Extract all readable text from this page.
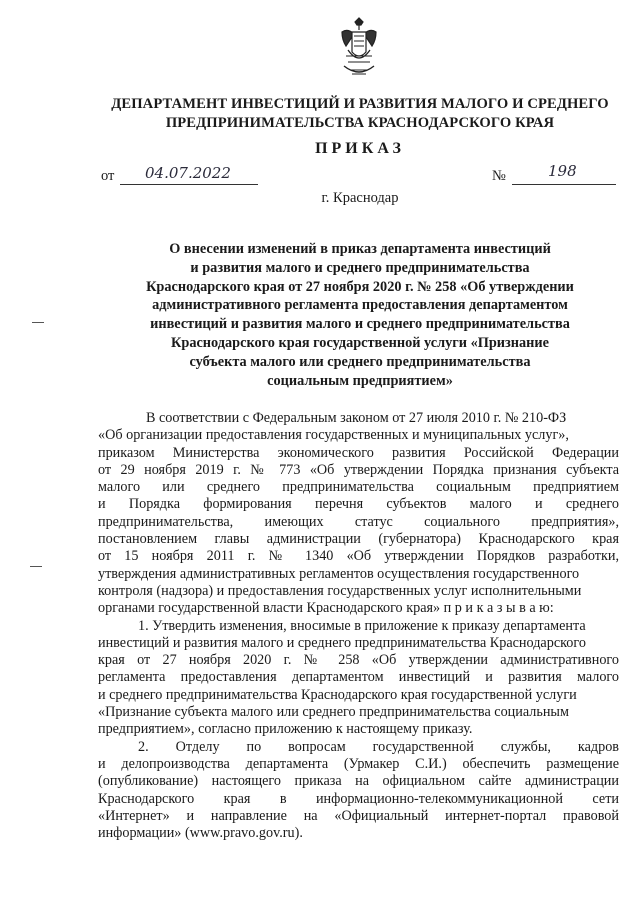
ДЕПАРТАМЕНТ ИНВЕСТИЦИЙ И РАЗВИТИЯ МАЛОГО И СРЕДНЕГО
ПРЕДПРИНИМАТЕЛЬСТВА КРАСНОДАРСКОГО КРАЯ
ПРИКАЗ
от 04.07.2022	№	198
г. Краснодар
О внесении изменений в приказ департамента инвестиций
и развития малого и среднего предпринимательства
Краснодарского края от 27 ноября 2020 г. № 258 «Об утверждении
административного регламента предоставления департаментом
инвестиций и развития малого и среднего предпринимательства
Краснодарского края государственной услуги «Признание
субъекта малого или среднего предпринимательства
социальным предприятием»
В соответствии с Федеральным законом от 27 июля 2010 г. № 210-ФЗ
«Об организации предоставления государственных и муниципальных услуг»,
приказом Министерства экономического развития Российской Федерации
от 29 ноября 2019 г. № 773 «Об утверждении Порядка признания субъекта
малого или среднего предпринимательства социальным предприятием
и Порядка формирования перечня субъектов малого и среднего
предпринимательства, имеющих статус социального предприятия»,
постановлением главы администрации (губернатора) Краснодарского края
от 15 ноября 2011 г. № 1340 «Об утверждении Порядков разработки,
утверждения административных регламентов осуществления государственного
контроля (надзора) и предоставления государственных услуг исполнительными
органами государственной власти Краснодарского края» п р и к а з ы в а ю:
1. Утвердить изменения, вносимые в приложение к приказу департамента
инвестиций и развития малого и среднего предпринимательства Краснодарского
края от 27 ноября 2020 г. № 258 «Об утверждении административного
регламента предоставления департаментом инвестиций и развития малого
и среднего предпринимательства Краснодарского края государственной услуги
«Признание субъекта малого или среднего предпринимательства социальным
предприятием», согласно приложению к настоящему приказу.
2. Отделу по вопросам государственной службы, кадров
и делопроизводства департамента (Урмакер С.И.) обеспечить размещение
(опубликование) настоящего приказа на официальном сайте администрации
Краснодарского края в информационно-телекоммуникационной сети
«Интернет» и направление на «Официальный интернет-портал правовой
информации» (www.pravo.gov.ru).
